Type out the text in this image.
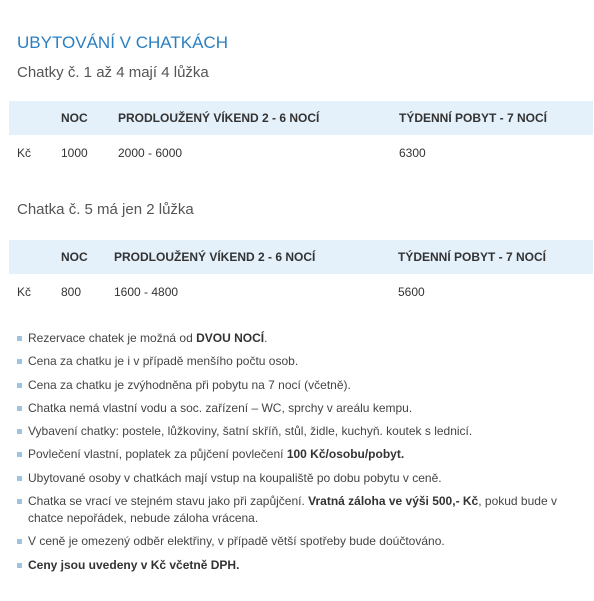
UBYTOVÁNÍ V CHATKÁCH
Chatky č. 1 až 4 mají 4 lůžka
	NOC	PRODLOUŽENÝ VÍKEND 2 - 6 NOCÍ	TÝDENNÍ POBYT - 7 NOCÍ
Kč	1000	2000 - 6000	6300
Chatka č. 5 má jen 2 lůžka
	NOC	PRODLOUŽENÝ VÍKEND 2 - 6 NOCÍ	TÝDENNÍ POBYT - 7 NOCÍ
Kč	800	1600 - 4800	5600
Rezervace chatek je možná od DVOU NOCÍ.
Cena za chatku je i v případě menšího počtu osob.
Cena za chatku je zvýhodněna při pobytu na 7 nocí (včetně).
Chatka nemá vlastní vodu a soc. zařízení – WC, sprchy v areálu kempu.
Vybavení chatky: postele, lůžkoviny, šatní skříň, stůl, židle, kuchyň. koutek s lednicí.
Povlečení vlastní, poplatek za půjčení povlečení 100 Kč/osobu/pobyt.
Ubytované osoby v chatkách mají vstup na koupaliště po dobu pobytu v ceně.
Chatka se vrací ve stejném stavu jako při zapůjčení. Vratná záloha ve výši 500,- Kč, pokud bude v chatce nepořádek, nebude záloha vrácena.
V ceně je omezený odběr elektřiny, v případě větší spotřeby bude doúčtováno.
Ceny jsou uvedeny v Kč včetně DPH.
